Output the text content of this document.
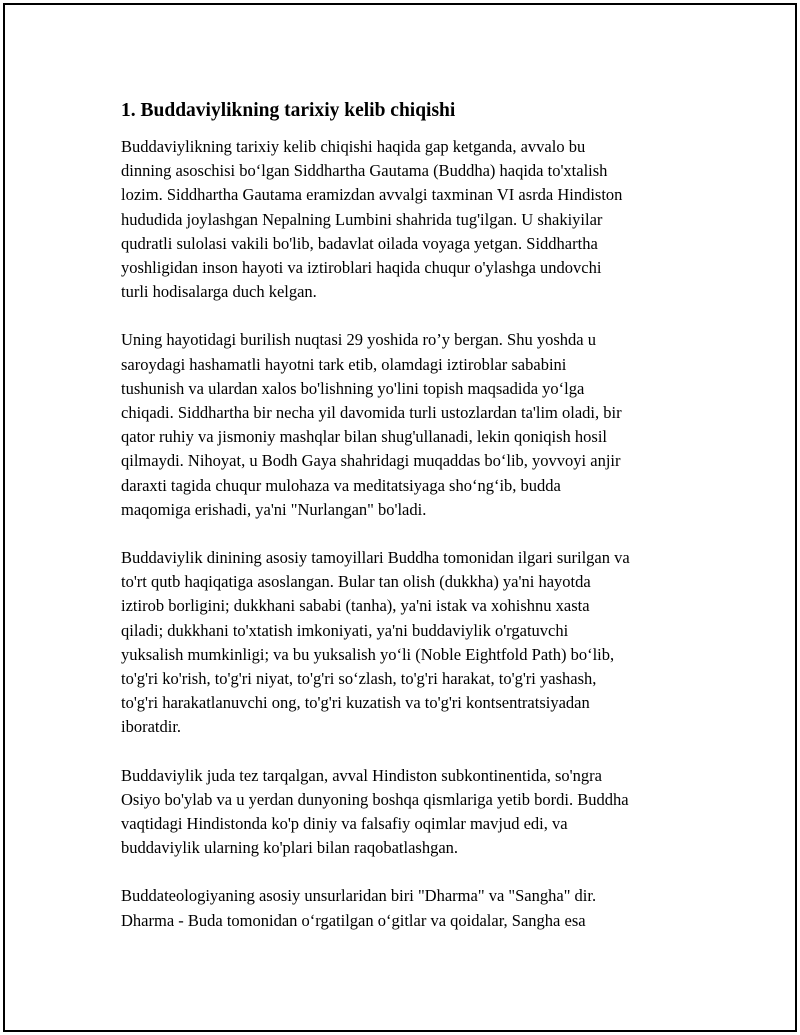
1. Buddaviylikning tarixiy kelib chiqishi

Buddaviylikning tarixiy kelib chiqishi haqida gap ketganda, avvalo bu
dinning asoschisi bo‘lgan Siddhartha Gautama (Buddha) haqida to'xtalish
lozim. Siddhartha Gautama eramizdan avvalgi taxminan VI asrda Hindiston
hududida joylashgan Nepalning Lumbini shahrida tug'ilgan. U shakiyilar
qudratli sulolasi vakili bo'lib, badavlat oilada voyaga yetgan. Siddhartha
yoshligidan inson hayoti va iztiroblari haqida chuqur o'ylashga undovchi
turli hodisalarga duch kelgan.

Uning hayotidagi burilish nuqtasi 29 yoshida ro’y bergan. Shu yoshda u
saroydagi hashamatli hayotni tark etib, olamdagi iztiroblar sababini
tushunish va ulardan xalos bo'lishning yo'lini topish maqsadida yo‘lga
chiqadi. Siddhartha bir necha yil davomida turli ustozlardan ta'lim oladi, bir
qator ruhiy va jismoniy mashqlar bilan shug'ullanadi, lekin qoniqish hosil
qilmaydi. Nihoyat, u Bodh Gaya shahridagi muqaddas bo‘lib, yovvoyi anjir
daraxti tagida chuqur mulohaza va meditatsiyaga sho‘ng‘ib, budda
maqomiga erishadi, ya'ni "Nurlangan" bo'ladi.

Buddaviylik dinining asosiy tamoyillari Buddha tomonidan ilgari surilgan va
to'rt qutb haqiqatiga asoslangan. Bular tan olish (dukkha) ya'ni hayotda
iztirob borligini; dukkhani sababi (tanha), ya'ni istak va xohishnu xasta
qiladi; dukkhani to'xtatish imkoniyati, ya'ni buddaviylik o'rgatuvchi
yuksalish mumkinligi; va bu yuksalish yo‘li (Noble Eightfold Path) bo‘lib,
to'g'ri ko'rish, to'g'ri niyat, to'g'ri so‘zlash, to'g'ri harakat, to'g'ri yashash,
to'g'ri harakatlanuvchi ong, to'g'ri kuzatish va to'g'ri kontsentratsiyadan
iboratdir.

Buddaviylik juda tez tarqalgan, avval Hindiston subkontinentida, so'ngra
Osiyo bo'ylab va u yerdan dunyoning boshqa qismlariga yetib bordi. Buddha
vaqtidagi Hindistonda ko'p diniy va falsafiy oqimlar mavjud edi, va
buddaviylik ularning ko'plari bilan raqobatlashgan.

Buddateologiyaning asosiy unsurlaridan biri "Dharma" va "Sangha" dir.
Dharma - Buda tomonidan o‘rgatilgan o‘gitlar va qoidalar, Sangha esa
